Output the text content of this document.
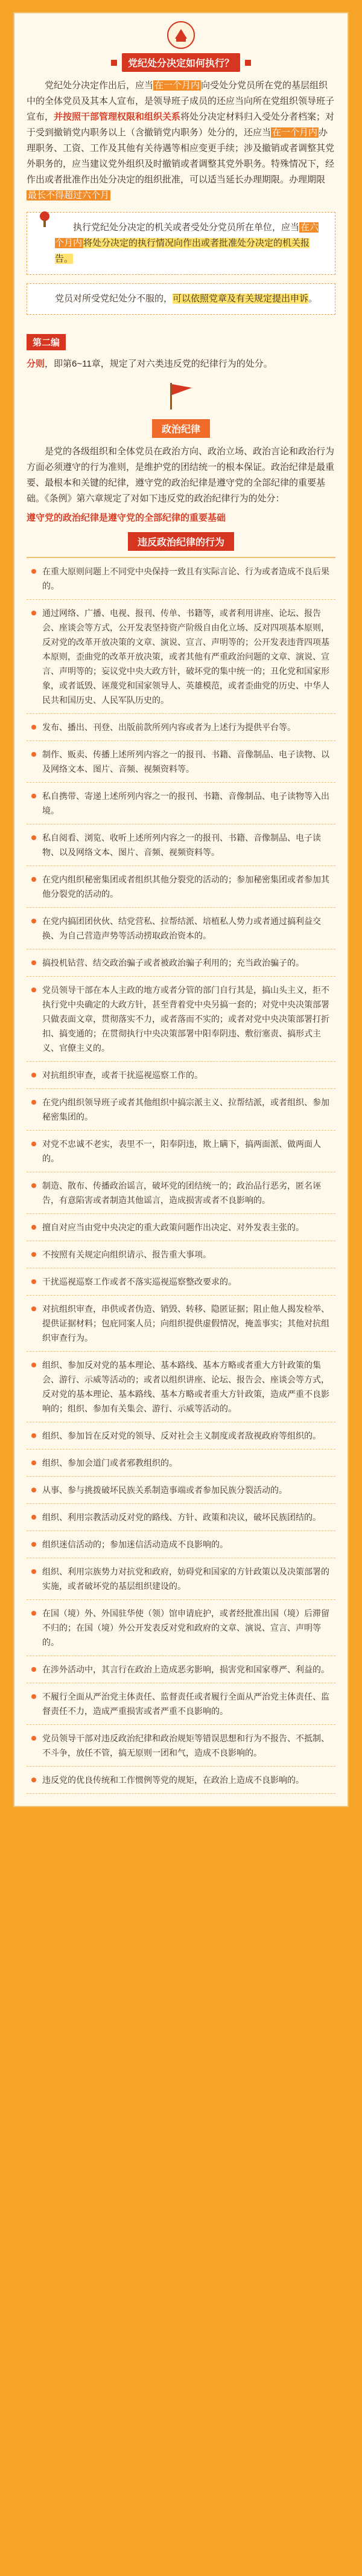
党纪处分决定如何执行？
党纪处分决定作出后，应当 在一个月内 向受处分党员所在党的基层组织中的全体党员及其本人宣布，是领导班子成员的还应当向所在党组织领导班子宣布，并按照干部管理权限和组织关系将处分决定材料归入受处分者档案；对于受到撤销党内职务以上（含撤销党内职务）处分的，还应当 在一个月内 办理职务、工资、工作及其他有关待遇等相应变更手续；涉及撤销或者调整其党外职务的，应当建议党外组织及时撤销或者调整其党外职务。特殊情况下，经作出或者批准作出处分决定的组织批准，可以适当延长办理期限。办理期限最长不得超过六个月
执行党纪处分决定的机关或者受处分党员所在单位，应当 在六个月内 将处分决定的执行情况向作出或者批准处分决定的机关报告。
党员对所受党纪处分不服的，可以依照党章及有关规定提出申诉。
第二编
分则，即第6~11章，规定了对六类违反党的纪律行为的处分。
政治纪律
是党的各级组织和全体党员在政治方向、政治立场、政治言论和政治行为方面必须遵守的行为准则，是维护党的团结统一的根本保证。政治纪律是最重要、最根本和关键的纪律，遵守党的政治纪律是遵守党的全部纪律的重要基础。《条例》第六章规定了对如下违反党的政治纪律行为的处分：
遵守党的政治纪律是遵守党的全部纪律的重要基础
违反政治纪律的行为
在重大原则问题上不同党中央保持一致且有实际言论、行为或者造成不良后果的。
通过网络、广播、电视、报刊、传单、书籍等，或者利用讲座、论坛、报告会、座谈会等方式，公开发表坚持资产阶级自由化立场、反对四项基本原则，反对党的改革开放决策的文章、演说、宣言、声明等的；公开发表违背四项基本原则，歪曲党的改革开放决策，或者其他有严重政治问题的文章、演说、宣言、声明等的；妄议党中央大政方针，破坏党的集中统一的；丑化党和国家形象，或者诋毁、诬蔑党和国家领导人、英雄模范，或者歪曲党的历史、中华人民共和国历史、人民军队历史的。
发布、播出、刊登、出版前款所列内容或者为上述行为提供平台等。
制作、贩卖、传播上述所列内容之一的报刊、书籍、音像制品、电子读物、以及网络文本、图片、音频、视频资料等。
私自携带、寄递上述所列内容之一的报刊、书籍、音像制品、电子读物等入出境。
私自阅看、浏览、收听上述所列内容之一的报刊、书籍、音像制品、电子读物、以及网络文本、图片、音频、视频资料等。
在党内组织秘密集团或者组织其他分裂党的活动的；参加秘密集团或者参加其他分裂党的活动的。
在党内搞团团伙伙、结党营私、拉帮结派、培植私人势力或者通过搞利益交换、为自己营造声势等活动捞取政治资本的。
搞投机钻营、结交政治骗子或者被政治骗子利用的；充当政治骗子的。
党员领导干部在本人主政的地方或者分管的部门自行其是，搞山头主义，拒不执行党中央确定的大政方针，甚至背着党中央另搞一套的；对党中央决策部署只做表面文章，贯彻落实不力，或者落而不实的；或者对党中央决策部署打折扣、搞变通的；在贯彻执行中央决策部署中阳奉阴违、敷衍塞责、搞形式主义、官僚主义的。
对抗组织审查，或者干扰巡视巡察工作的。
在党内组织领导班子或者其他组织中搞宗派主义、拉帮结派，或者组织、参加秘密集团的。
对党不忠诚不老实，表里不一，阳奉阴违，欺上瞒下，搞两面派、做两面人的。
制造、散布、传播政治谣言，破坏党的团结统一的；政治品行恶劣，匿名诬告，有意陷害或者制造其他谣言，造成损害或者不良影响的。
擅自对应当由党中央决定的重大政策问题作出决定、对外发表主张的。
不按照有关规定向组织请示、报告重大事项。
干扰巡视巡察工作或者不落实巡视巡察整改要求的。
对抗组织审查，串供或者伪造、销毁、转移、隐匿证据；阻止他人揭发检举、提供证据材料；包庇同案人员；向组织提供虚假情况，掩盖事实；其他对抗组织审查行为。
组织、参加反对党的基本理论、基本路线、基本方略或者重大方针政策的集会、游行、示威等活动的；或者以组织讲座、论坛、报告会、座谈会等方式，反对党的基本理论、基本路线、基本方略或者重大方针政策，造成严重不良影响的；组织、参加有关集会、游行、示威等活动的。
组织、参加旨在反对党的领导、反对社会主义制度或者敌视政府等组织的。
组织、参加会道门或者邪教组织的。
从事、参与挑拨破坏民族关系制造事端或者参加民族分裂活动的。
组织、利用宗教活动反对党的路线、方针、政策和决议，破坏民族团结的。
组织迷信活动的；参加迷信活动造成不良影响的。
组织、利用宗族势力对抗党和政府，妨碍党和国家的方针政策以及决策部署的实施，或者破坏党的基层组织建设的。
在国（境）外、外国驻华使（领）馆申请庇护，或者经批准出国（境）后滞留不归的；在国（境）外公开发表反对党和政府的文章、演说、宣言、声明等的。
在涉外活动中，其言行在政治上造成恶劣影响，损害党和国家尊严、利益的。
不履行全面从严治党主体责任、监督责任或者履行全面从严治党主体责任、监督责任不力，造成严重损害或者严重不良影响的。
党员领导干部对违反政治纪律和政治规矩等错误思想和行为不报告、不抵制、不斗争，放任不管，搞无原则一团和气，造成不良影响的。
违反党的优良传统和工作惯例等党的规矩，在政治上造成不良影响的。
